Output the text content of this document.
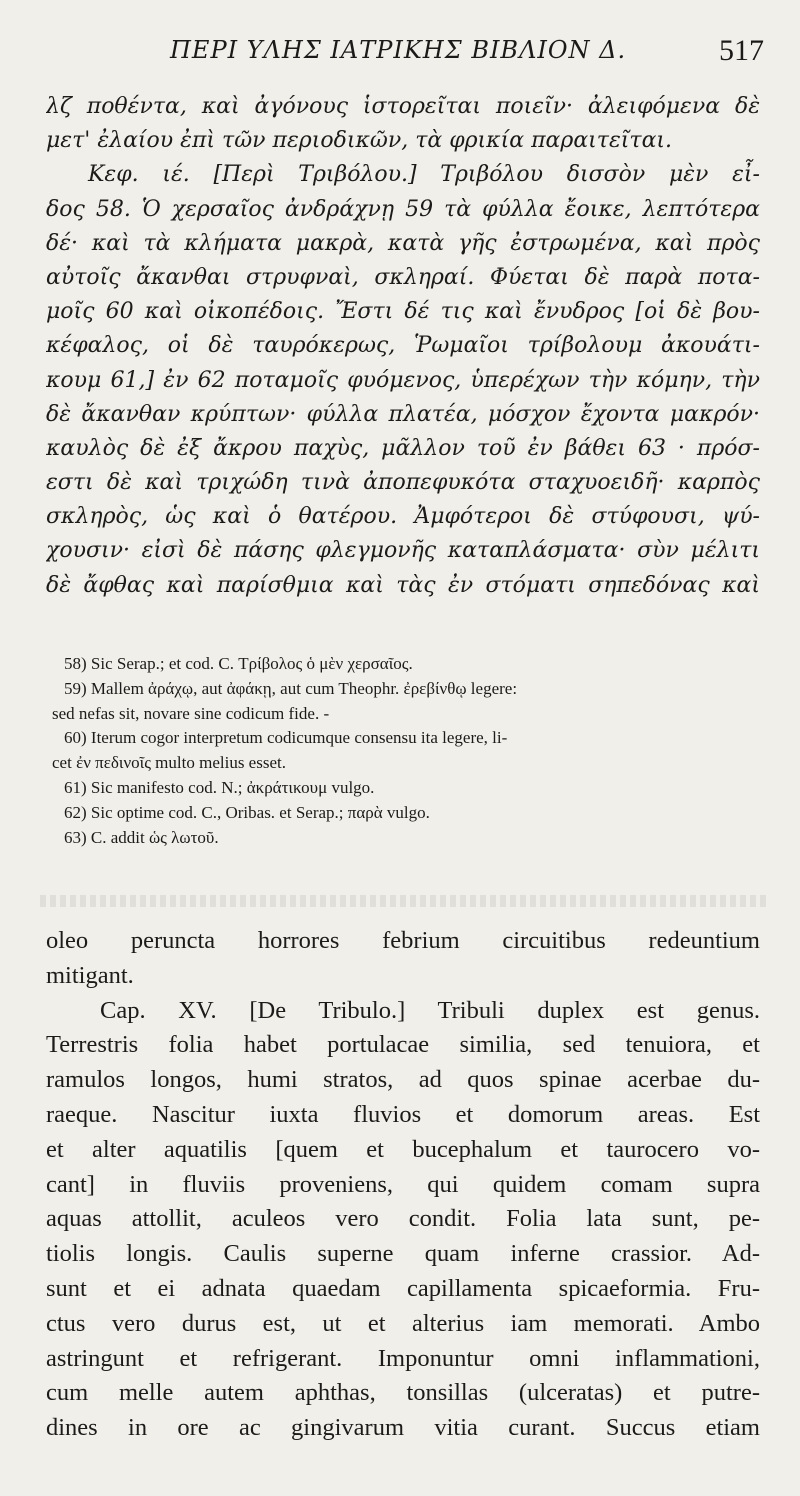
ΠΕΡΙ ΥΛΗΣ ΙΑΤΡΙΚΗΣ ΒΙΒΛΙΟΝ Δ.	517
λζ ποθέντα, καὶ ἀγόνους ἱστορεῖται ποιεῖν· ἀλειφόμενα δὲ
μετ' ἐλαίου ἐπὶ τῶν περιοδικῶν, τὰ φρικία παραιτεῖται.
Κεφ. ιέ. [Περὶ Τριβόλου.] Τριβόλου δισσὸν μὲν εἶ-
δος 58. Ὁ χερσαῖος ἀνδράχνῃ 59 τὰ φύλλα ἔοικε, λεπτότερα
δέ· καὶ τὰ κλήματα μακρὰ, κατὰ γῆς ἐστρωμένα, καὶ πρὸς
αὐτοῖς ἄκανθαι στρυφναὶ, σκληραί. Φύεται δὲ παρὰ ποτα-
μοῖς 60 καὶ οἰκοπέδοις. Ἔστι δέ τις καὶ ἔνυδρος [οἱ δὲ βου-
κέφαλος, οἱ δὲ ταυρόκερως, Ῥωμαῖοι τρίβολουμ ἀκουάτι-
κουμ 61,] ἐν 62 ποταμοῖς φυόμενος, ὑπερέχων τὴν κόμην, τὴν
δὲ ἄκανθαν κρύπτων· φύλλα πλατέα, μόσχον ἔχοντα μακρόν·
καυλὸς δὲ ἐξ ἄκρου παχὺς, μᾶλλον τοῦ ἐν βάθει 63 · πρόσ-
εστι δὲ καὶ τριχώδη τινὰ ἀποπεφυκότα σταχυοειδῆ· καρπὸς
σκληρὸς, ὡς καὶ ὁ θατέρου. Ἀμφότεροι δὲ στύφουσι, ψύ-
χουσιν· εἰσὶ δὲ πάσης φλεγμονῆς καταπλάσματα· σὺν μέλιτι
δὲ ἄφθας καὶ παρίσθμια καὶ τὰς ἐν στόματι σηπεδόνας καὶ
58) Sic Serap.; et cod. C. Τρίβολος ὁ μὲν χερσαῖος.
59) Mallem ἀράχῳ, aut ἀφάκῃ, aut cum Theophr. ἐρεβίνθῳ legere:
sed nefas sit, novare sine codicum fide. -
60) Iterum cogor interpretum codicumque consensu ita legere, li-
cet ἐν πεδινοῖς multo melius esset.
61) Sic manifesto cod. N.; ἀκράτικουμ vulgo.
62) Sic optime cod. C., Oribas. et Serap.; παρὰ vulgo.
63) C. addit ὡς λωτοῦ.
oleo peruncta horrores febrium circuitibus redeuntium
mitigant.
Cap. XV. [De Tribulo.] Tribuli duplex est genus.
Terrestris folia habet portulacae similia, sed tenuiora, et
ramulos longos, humi stratos, ad quos spinae acerbae du-
raeque. Nascitur iuxta fluvios et domorum areas. Est
et alter aquatilis [quem et bucephalum et taurocero vo-
cant] in fluviis proveniens, qui quidem comam supra
aquas attollit, aculeos vero condit. Folia lata sunt, pe-
tiolis longis. Caulis superne quam inferne crassior. Ad-
sunt et ei adnata quaedam capillamenta spicaeformia. Fru-
ctus vero durus est, ut et alterius iam memorati. Ambo
astringunt et refrigerant. Imponuntur omni inflammationi,
cum melle autem aphthas, tonsillas (ulceratas) et putre-
dines in ore ac gingivarum vitia curant. Succus etiam
